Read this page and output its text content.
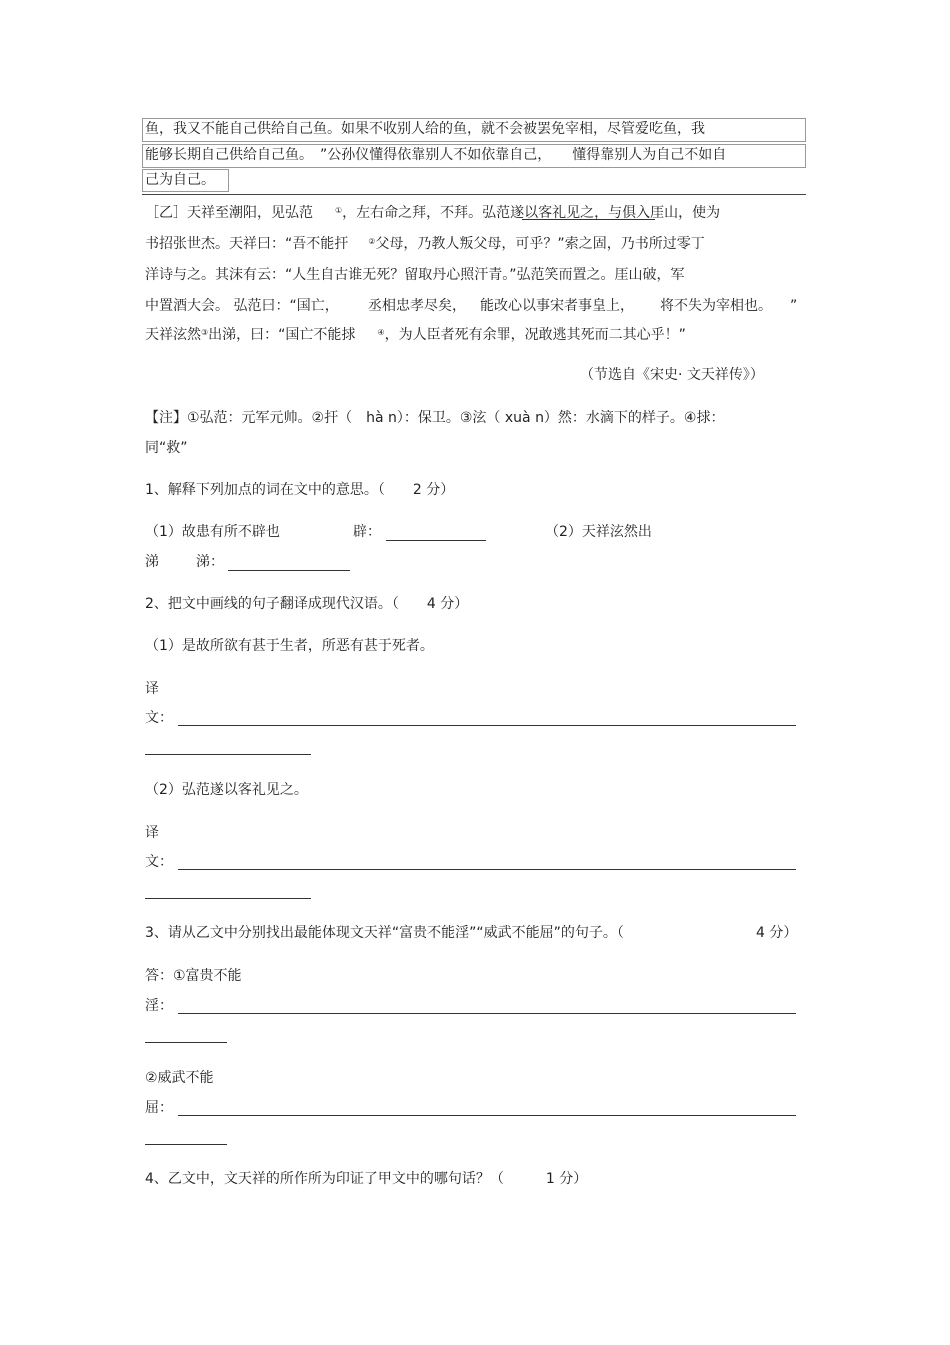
鱼，我又不能自己供给自己鱼。如果不收别人给的鱼，就不会被罢免宰相，尽管爱吃鱼，我
能够长期自己供给自己鱼。　”公孙仪懂得依靠别人不如依靠自己，　　懂得靠别人为自己不如自
己为自己。
［乙］天祥至潮阳，见弘范	①，左右命之拜，不拜。弘范遂以客礼见之，与俱入厓山，使为
书招张世杰。天祥曰：“吾不能扞	②父母，乃教人叛父母，可乎？”索之固，乃书所过零丁
洋诗与之。其沫有云：“人生自古谁无死？留取丹心照汗青。”弘范笑而置之。厓山破，军
中置酒大会。 弘范曰：“国亡， 丞相忠孝尽矣， 能改心以事宋者事皇上， 将不失为宰相也。 ”
天祥泫然③出涕，曰：“国亡不能捄	④，为人臣者死有余罪，况敢逃其死而二其心乎！”
（节选自《宋史· 文天祥传》）
【注】①弘范：元军元帅。②扞（　hà n）：保卫。③泫（ xuà n）然：水滴下的样子。④捄：
同“救”
1、解释下列加点的词在文中的意思。（　　2 分）
（1）故患有所不辟也	辟：	（2）天祥泫然出
涕	涕：
2、把文中画线的句子翻译成现代汉语。（　　4 分）
（1）是故所欲有甚于生者，所恶有甚于死者。
译
文：
（2）弘范遂以客礼见之。
译
文：
3、请从乙文中分别找出最能体现文天祥“富贵不能淫”“威武不能屈”的句子。（	4 分）
答：①富贵不能
淫：
②威武不能
屈：
4、乙文中，文天祥的所作所为印证了甲文中的哪句话？（　　　1 分）
